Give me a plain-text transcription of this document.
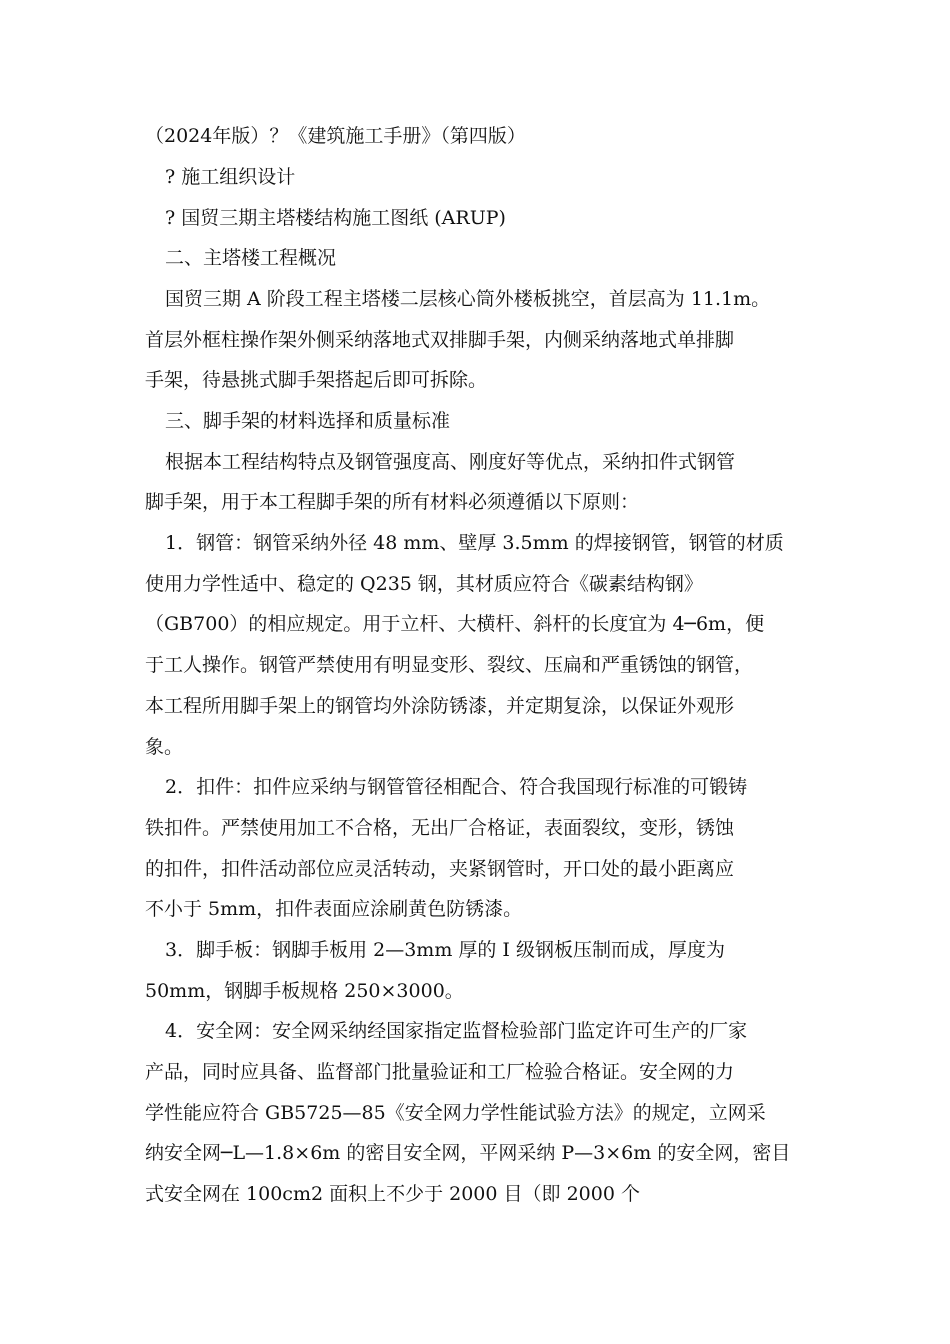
（2024年版）？《建筑施工手册》（第四版）
? 施工组织设计
? 国贸三期主塔楼结构施工图纸 (ARUP)
二、主塔楼工程概况
国贸三期 A 阶段工程主塔楼二层核心筒外楼板挑空，首层高为 11.1m。
首层外框柱操作架外侧采纳落地式双排脚手架，内侧采纳落地式单排脚
手架，待悬挑式脚手架搭起后即可拆除。
三、脚手架的材料选择和质量标准
根据本工程结构特点及钢管强度高、刚度好等优点，采纳扣件式钢管
脚手架，用于本工程脚手架的所有材料必须遵循以下原则：
1．钢管：钢管采纳外径 48 mm、壁厚 3.5mm 的焊接钢管，钢管的材质
使用力学性适中、稳定的 Q235 钢，其材质应符合《碳素结构钢》
（GB700）的相应规定。用于立杆、大横杆、斜杆的长度宜为 4─6m，便
于工人操作。钢管严禁使用有明显变形、裂纹、压扁和严重锈蚀的钢管，
本工程所用脚手架上的钢管均外涂防锈漆，并定期复涂，以保证外观形
象。
2．扣件：扣件应采纳与钢管管径相配合、符合我国现行标准的可锻铸
铁扣件。严禁使用加工不合格，无出厂合格证，表面裂纹，变形，锈蚀
的扣件，扣件活动部位应灵活转动，夹紧钢管时，开口处的最小距离应
不小于 5mm，扣件表面应涂刷黄色防锈漆。
3．脚手板：钢脚手板用 2—3mm 厚的 I 级钢板压制而成，厚度为
50mm，钢脚手板规格 250×3000。
4．安全网：安全网采纳经国家指定监督检验部门监定许可生产的厂家
产品，同时应具备、监督部门批量验证和工厂检验合格证。安全网的力
学性能应符合 GB5725—85《安全网力学性能试验方法》的规定，立网采
纳安全网─L—1.8×6m 的密目安全网，平网采纳 P—3×6m 的安全网，密目
式安全网在 100cm2 面积上不少于 2000 目（即 2000 个
